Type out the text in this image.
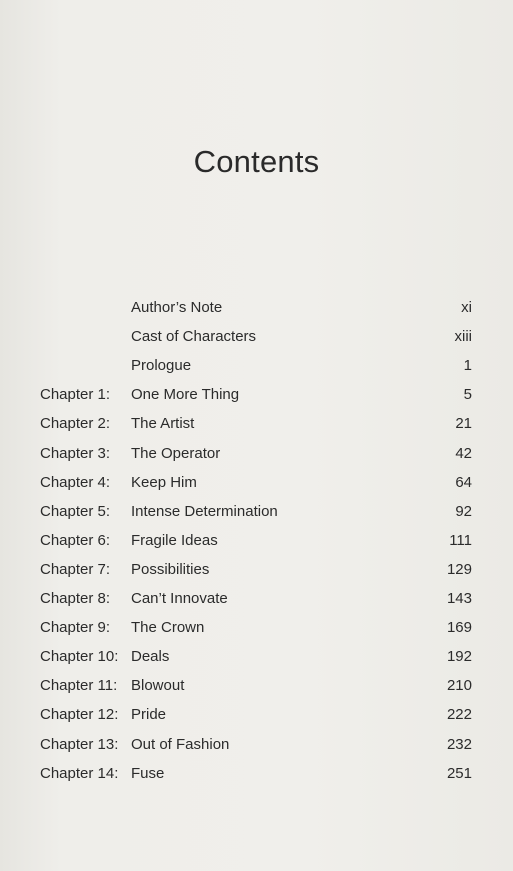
Contents
Author’s Note	xi
Cast of Characters	xiii
Prologue	1
Chapter 1: One More Thing	5
Chapter 2: The Artist	21
Chapter 3: The Operator	42
Chapter 4: Keep Him	64
Chapter 5: Intense Determination	92
Chapter 6: Fragile Ideas	111
Chapter 7: Possibilities	129
Chapter 8: Can’t Innovate	143
Chapter 9: The Crown	169
Chapter 10: Deals	192
Chapter 11: Blowout	210
Chapter 12: Pride	222
Chapter 13: Out of Fashion	232
Chapter 14: Fuse	251
